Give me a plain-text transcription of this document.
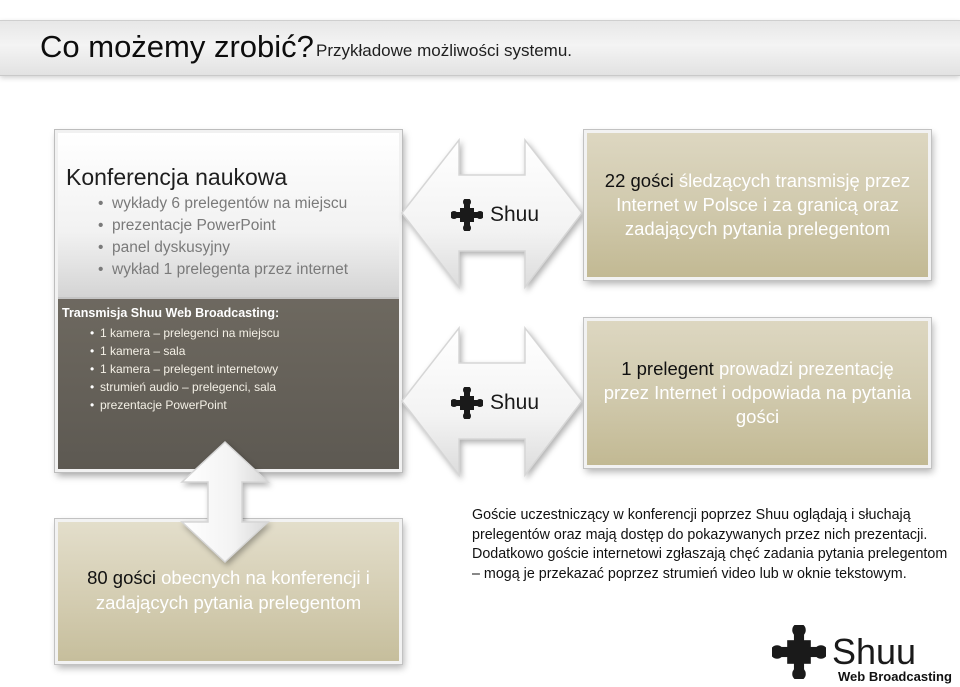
Co możemy zrobić? Przykładowe możliwości systemu.
Konferencja naukowa
• wykłady 6 prelegentów na miejscu
• prezentacje PowerPoint
• panel dyskusyjny
• wykład 1 prelegenta przez internet
Transmisja Shuu Web Broadcasting:
• 1 kamera – prelegenci na miejscu
• 1 kamera – sala
• 1 kamera – prelegent internetowy
• strumień audio – prelegenci, sala
• prezentacje PowerPoint
Shuu
Shuu

22 gości śledzących transmisję przez Internet w Polsce i za granicą oraz zadających pytania prelegentom

1 prelegent prowadzi prezentację przez Internet i odpowiada na pytania gości

80 gości obecnych na konferencji i zadających pytania prelegentom

Goście uczestniczący w konferencji poprzez Shuu oglądają i słuchają prelegentów oraz mają dostęp do pokazywanych przez nich prezentacji.

Dodatkowo goście internetowi zgłaszają chęć zadania pytania prelegentom – mogą je przekazać poprzez strumień video lub w oknie tekstowym.

Shuu
Web Broadcasting
